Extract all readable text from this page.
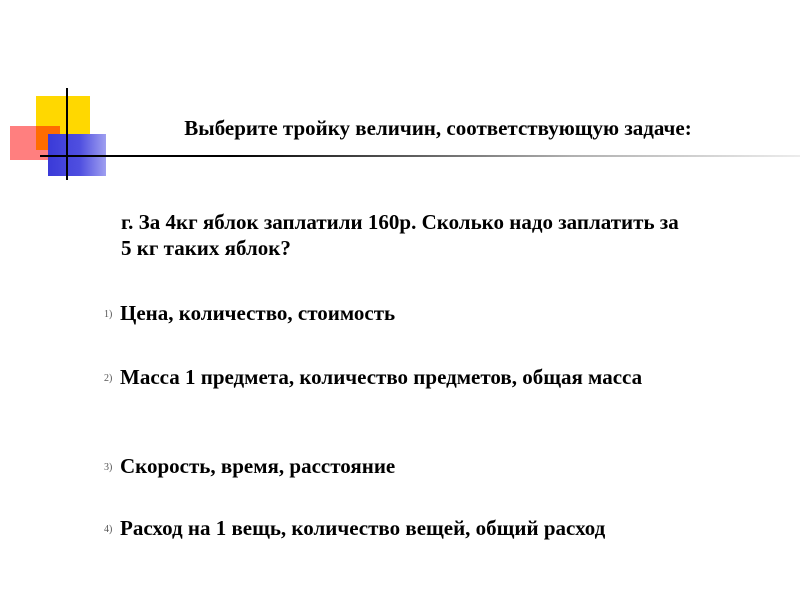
Выберите тройку величин, соответствующую задаче:
г. За 4кг яблок заплатили 160р. Сколько надо заплатить за 5 кг таких яблок?
1) Цена, количество, стоимость
2) Масса 1 предмета, количество предметов, общая масса
3) Скорость, время, расстояние
4) Расход на 1 вещь, количество вещей, общий расход
